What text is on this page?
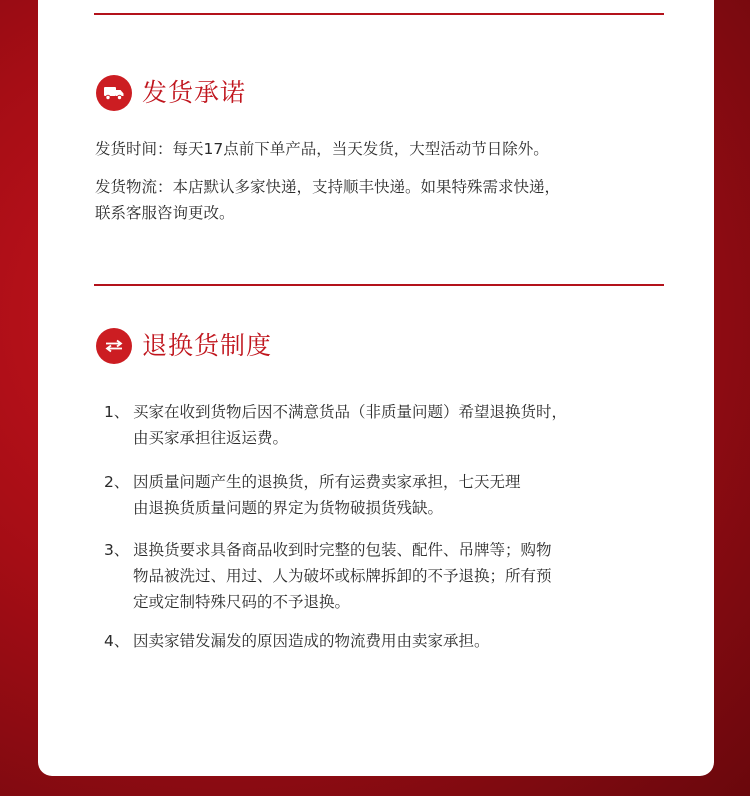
发货承诺
发货时间：每天17点前下单产品，当天发货，大型活动节日除外。
发货物流：本店默认多家快递，支持顺丰快递。如果特殊需求快递，
联系客服咨询更改。
退换货制度
1、 买家在收到货物后因不满意货品（非质量问题）希望退换货时，
由买家承担往返运费。
2、 因质量问题产生的退换货，所有运费卖家承担，七天无理
由退换货质量问题的界定为货物破损货残缺。
3、 退换货要求具备商品收到时完整的包装、配件、吊牌等；购物
物品被洗过、用过、人为破坏或标牌拆卸的不予退换；所有预
定或定制特殊尺码的不予退换。
4、 因卖家错发漏发的原因造成的物流费用由卖家承担。
